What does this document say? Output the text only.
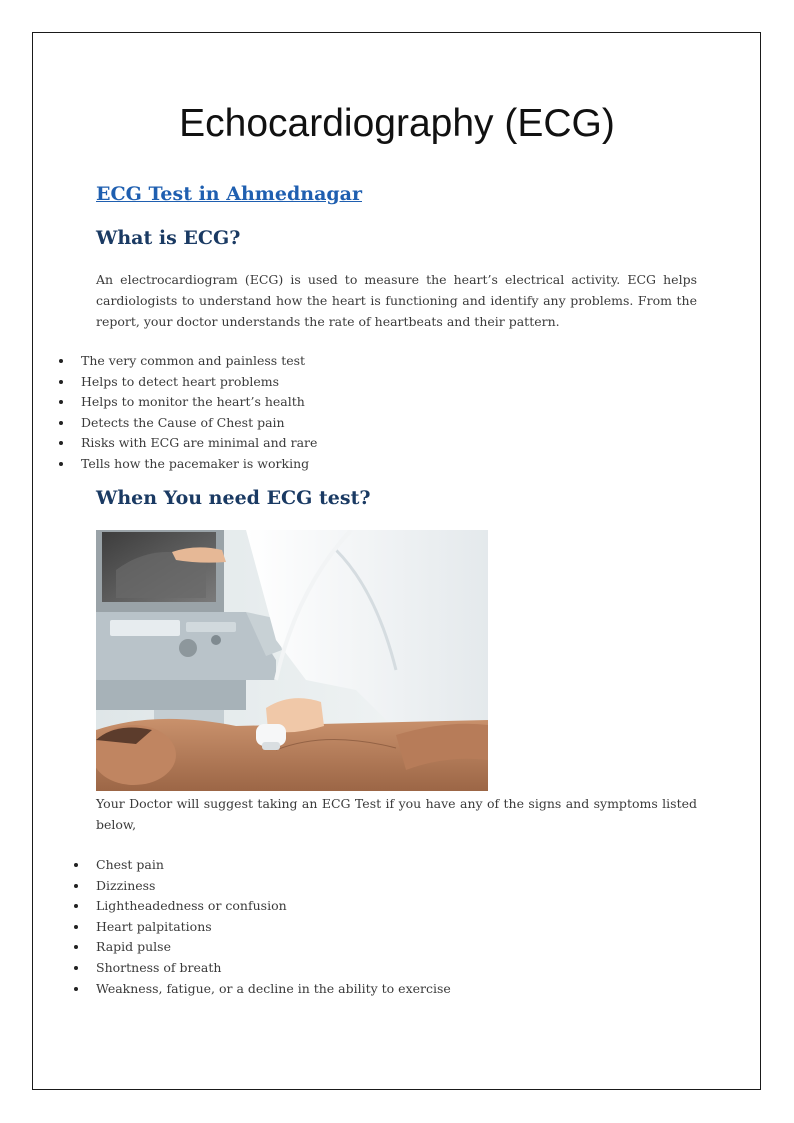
Echocardiography (ECG)
ECG Test in Ahmednagar
What is ECG?

An electrocardiogram (ECG) is used to measure the heart’s electrical activity. ECG helps cardiologists to understand how the heart is functioning and identify any problems. From the report, your doctor understands the rate of heartbeats and their pattern.

The very common and painless test
Helps to detect heart problems
Helps to monitor the heart’s health
Detects the Cause of Chest pain
Risks with ECG are minimal and rare
Tells how the pacemaker is working
When You need ECG test?

Your Doctor will suggest taking an ECG Test if you have any of the signs and symptoms listed below,

Chest pain
Dizziness
Lightheadedness or confusion
Heart palpitations
Rapid pulse
Shortness of breath
Weakness, fatigue, or a decline in the ability to exercise
